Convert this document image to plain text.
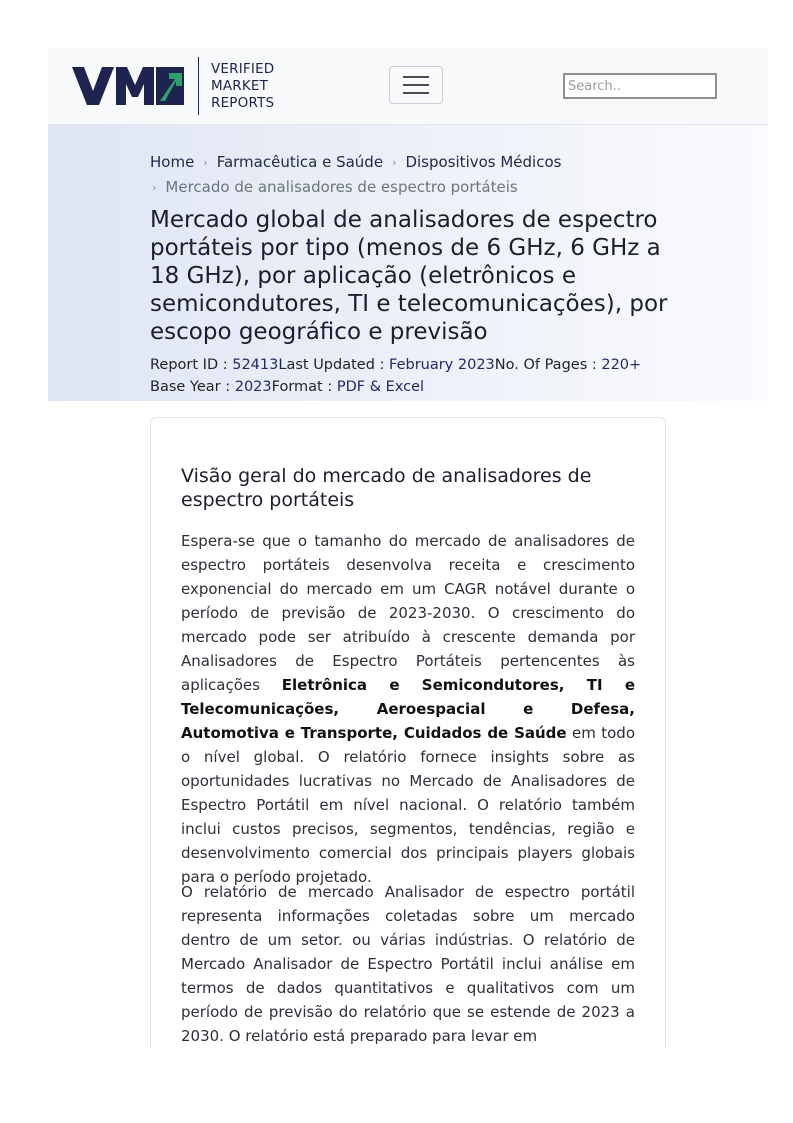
VERIFIED
MARKET
REPORTS
Search..
Home › Farmacêutica e Saúde › Dispositivos Médicos
› Mercado de analisadores de espectro portáteis
Mercado global de analisadores de espectro portáteis por tipo (menos de 6 GHz, 6 GHz a 18 GHz), por aplicação (eletrônicos e semicondutores, TI e telecomunicações), por escopo geográfico e previsão
Report ID : 52413Last Updated : February 2023No. Of Pages : 220+
Base Year : 2023Format : PDF & Excel
Visão geral do mercado de analisadores de espectro portáteis

Espera-se que o tamanho do mercado de analisadores de espectro portáteis desenvolva receita e crescimento exponencial do mercado em um CAGR notável durante o período de previsão de 2023-2030. O crescimento do mercado pode ser atribuído à crescente demanda por Analisadores de Espectro Portáteis pertencentes às aplicações Eletrônica e Semicondutores, TI e Telecomunicações, Aeroespacial e Defesa, Automotiva e Transporte, Cuidados de Saúde em todo o nível global. O relatório fornece insights sobre as oportunidades lucrativas no Mercado de Analisadores de Espectro Portátil em nível nacional. O relatório também inclui custos precisos, segmentos, tendências, região e desenvolvimento comercial dos principais players globais para o período projetado.

O relatório de mercado Analisador de espectro portátil representa informações coletadas sobre um mercado dentro de um setor. ou várias indústrias. O relatório de Mercado Analisador de Espectro Portátil inclui análise em termos de dados quantitativos e qualitativos com um período de previsão do relatório que se estende de 2023 a 2030. O relatório está preparado para levar em
